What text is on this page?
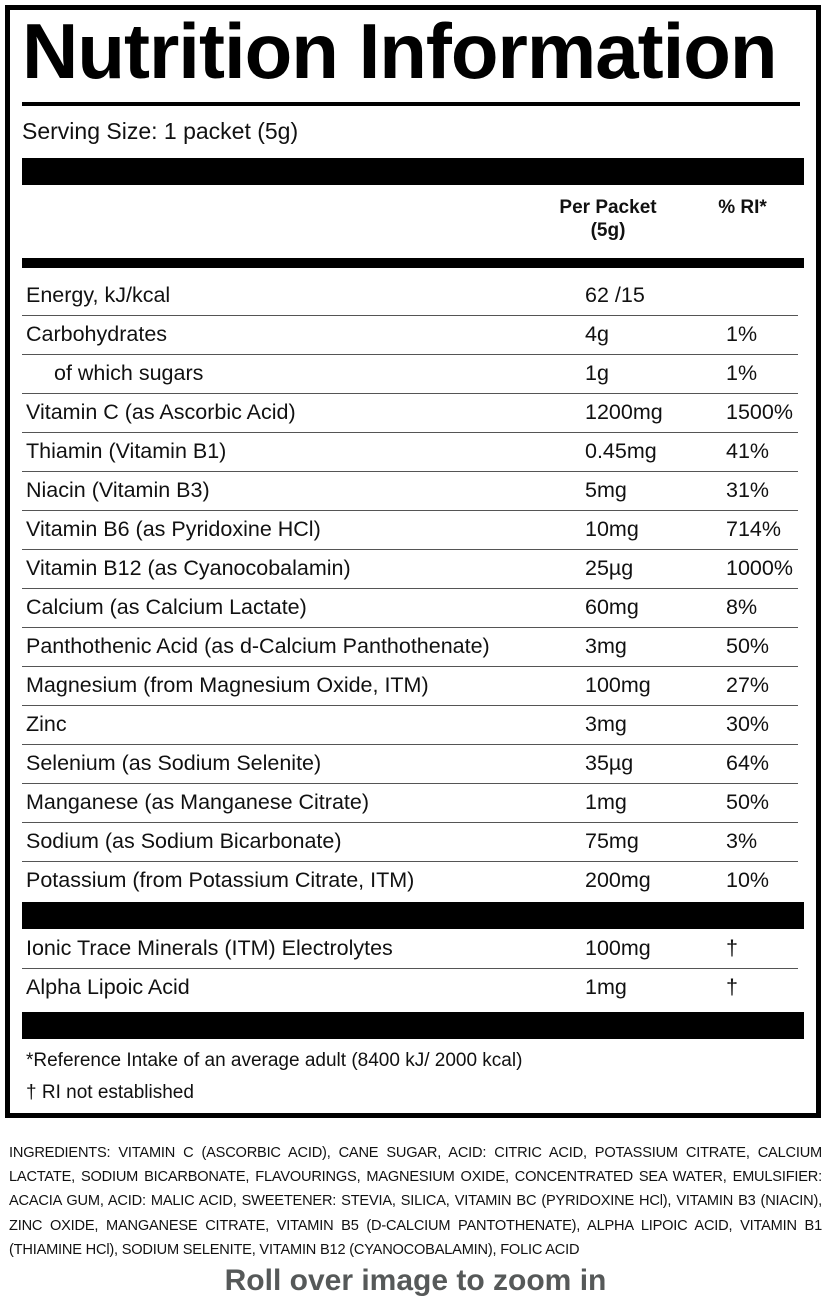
Nutrition Information
Serving Size: 1 packet (5g)
Per Packet
(5g)
% RI*
Energy, kJ/kcal	62 /15
Carbohydrates	4g	1%
of which sugars	1g	1%
Vitamin C (as Ascorbic Acid)	1200mg	1500%
Thiamin (Vitamin B1)	0.45mg	41%
Niacin (Vitamin B3)	5mg	31%
Vitamin B6 (as Pyridoxine HCl)	10mg	714%
Vitamin B12 (as Cyanocobalamin)	25µg	1000%
Calcium (as Calcium Lactate)	60mg	8%
Panthothenic Acid (as d-Calcium Panthothenate)	3mg	50%
Magnesium (from Magnesium Oxide, ITM)	100mg	27%
Zinc	3mg	30%
Selenium (as Sodium Selenite)	35µg	64%
Manganese (as Manganese Citrate)	1mg	50%
Sodium (as Sodium Bicarbonate)	75mg	3%
Potassium (from Potassium Citrate, ITM)	200mg	10%
Ionic Trace Minerals (ITM) Electrolytes	100mg	†
Alpha Lipoic Acid	1mg	†
*Reference Intake of an average adult (8400 kJ/ 2000 kcal)
† RI not established
INGREDIENTS: VITAMIN C (ASCORBIC ACID), CANE SUGAR, ACID: CITRIC ACID, POTASSIUM CITRATE, CALCIUM LACTATE, SODIUM BICARBONATE, FLAVOURINGS, MAGNESIUM OXIDE, CONCENTRATED SEA WATER, EMULSIFIER: ACACIA GUM, ACID: MALIC ACID, SWEETENER: STEVIA, SILICA, VITAMIN BC (PYRIDOXINE HCl), VITAMIN B3 (NIACIN), ZINC OXIDE, MANGANESE CITRATE, VITAMIN B5 (D-CALCIUM PANTOTHENATE), ALPHA LIPOIC ACID, VITAMIN B1 (THIAMINE HCl), SODIUM SELENITE, VITAMIN B12 (CYANOCOBALAMIN), FOLIC ACID
Roll over image to zoom in
